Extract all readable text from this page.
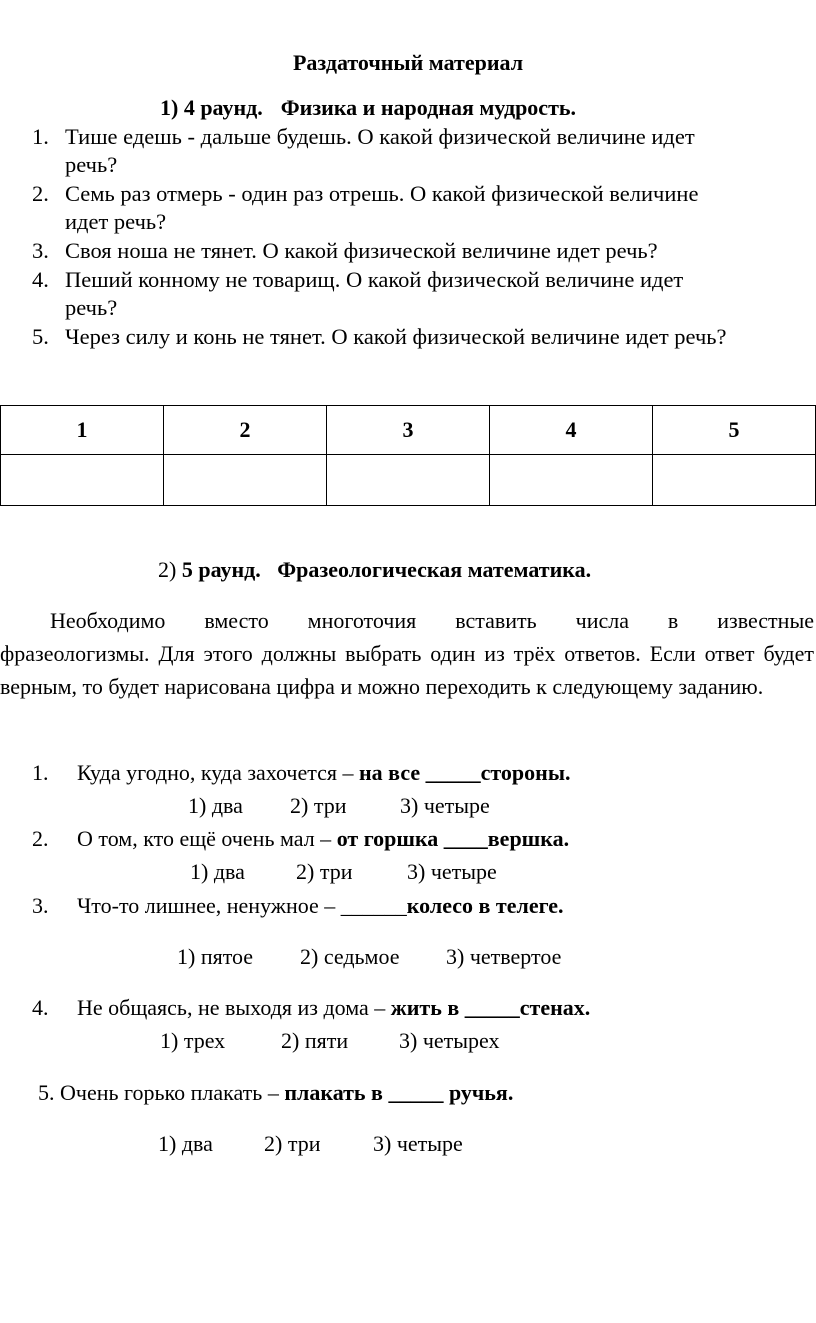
Раздаточный материал
1) 4 раунд. Физика и народная мудрость.
1. Тише едешь - дальше будешь. О какой физической величине идет
речь?
2. Семь раз отмерь - один раз отрешь. О какой физической величине
идет речь?
3. Своя ноша не тянет. О какой физической величине идет речь?
4. Пеший конному не товарищ. О какой физической величине идет
речь?
5. Через силу и конь не тянет. О какой физической величине идет речь?
1	2	3	4	5

2) 5 раунд. Фразеологическая математика.
Необходимо вместо многоточия вставить числа в известные
фразеологизмы. Для этого должны выбрать один из трёх ответов. Если ответ будет верным, то будет нарисована цифра и можно переходить к следующему заданию.
1. Куда угодно, куда захочется – на все _____стороны.
1) два 2) три 3) четыре
2. О том, кто ещё очень мал – от горшка ____вершка.
1) два 2) три 3) четыре
3. Что-то лишнее, ненужное – ______колесо в телеге.
1) пятое 2) седьмое 3) четвертое
4. Не общаясь, не выходя из дома – жить в _____стенах.
1) трех	2) пяти 3) четырех
5. Очень горько плакать – плакать в _____ ручья.
1) два 2) три 3) четыре
